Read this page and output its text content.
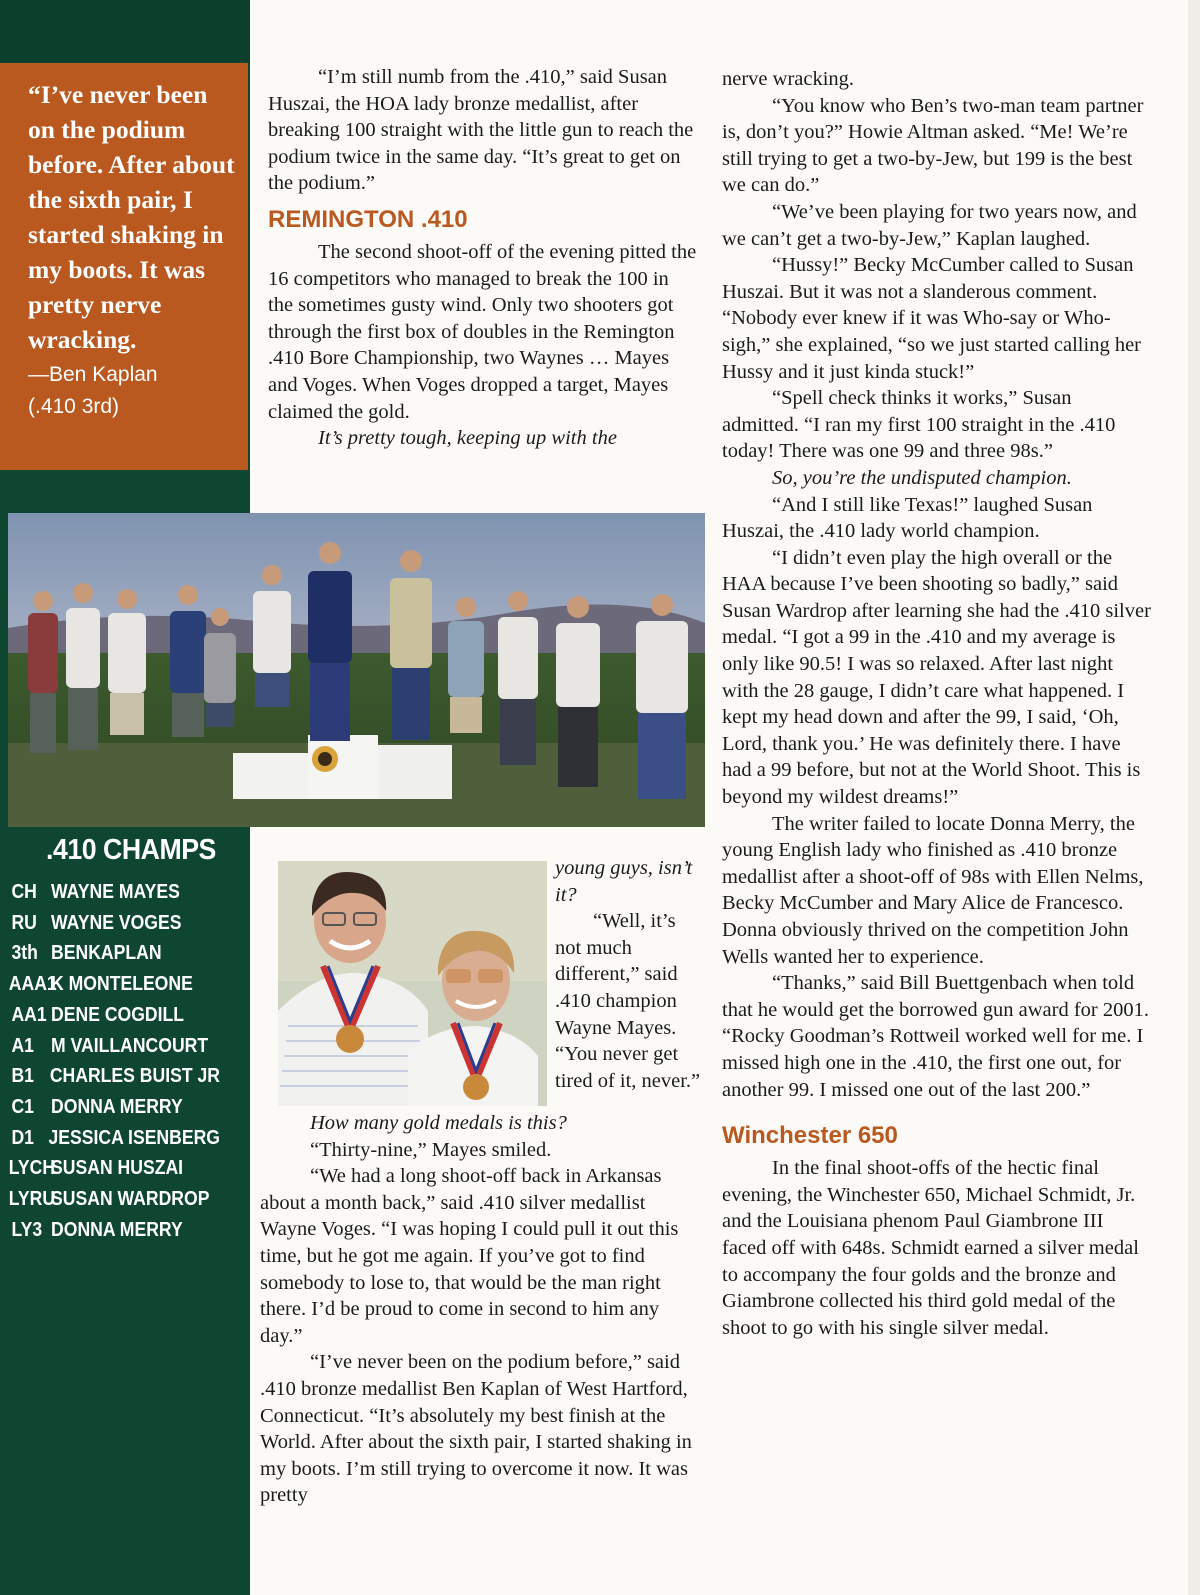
“I’ve never been on the podium before. After about the sixth pair, I started shaking in my boots. It was pretty nerve wracking.

—Ben Kaplan

(.410 3rd)

“I’m still numb from the .410,” said Susan Huszai, the HOA lady bronze medallist, after breaking 100 straight with the little gun to reach the podium twice in the same day. “It’s great to get on the podium.”

REMINGTON .410

The second shoot-off of the evening pitted the 16 competitors who managed to break the 100 in the sometimes gusty wind. Only two shooters got through the first box of doubles in the Remington .410 Bore Championship, two Waynes … Mayes and Voges. When Voges dropped a target, Mayes claimed the gold.

It’s pretty tough, keeping up with the

nerve wracking.

“You know who Ben’s two-man team partner is, don’t you?” Howie Altman asked. “Me! We’re still trying to get a two-by-Jew, but 199 is the best we can do.”

“We’ve been playing for two years now, and we can’t get a two-by-Jew,” Kaplan laughed.

“Hussy!” Becky McCumber called to Susan Huszai. But it was not a slanderous comment. “Nobody ever knew if it was Who-say or Who-sigh,” she explained, “so we just started calling her Hussy and it just kinda stuck!”

“Spell check thinks it works,” Susan admitted. “I ran my first 100 straight in the .410 today! There was one 99 and three 98s.”

So, you’re the undisputed champion.

“And I still like Texas!” laughed Susan Huszai, the .410 lady world champion.

“I didn’t even play the high overall or the HAA because I’ve been shooting so badly,” said Susan Wardrop after learning she had the .410 silver medal. “I got a 99 in the .410 and my average is only like 90.5! I was so relaxed. After last night with the 28 gauge, I didn’t care what happened. I kept my head down and after the 99, I said, ‘Oh, Lord, thank you.’ He was definitely there. I have had a 99 before, but not at the World Shoot. This is beyond my wildest dreams!”

The writer failed to locate Donna Merry, the young English lady who finished as .410 bronze medallist after a shoot-off of 98s with Ellen Nelms, Becky McCumber and Mary Alice de Francesco. Donna obviously thrived on the competition John Wells wanted her to experience.

“Thanks,” said Bill Buettgenbach when told that he would get the borrowed gun award for 2001. “Rocky Goodman’s Rottweil worked well for me. I missed high one in the .410, the first one out, for another 99. I missed one out of the last 200.”

Winchester 650

In the final shoot-offs of the hectic final evening, the Winchester 650, Michael Schmidt, Jr. and the Louisiana phenom Paul Giambrone III faced off with 648s. Schmidt earned a silver medal to accompany the four golds and the bronze and Giambrone collected his third gold medal of the shoot to go with his single silver medal.

young guys, isn’t it?

“Well, it’s not much different,” said .410 champion Wayne Mayes. “You never get tired of it, never.”

How many gold medals is this?

“Thirty-nine,” Mayes smiled.

“We had a long shoot-off back in Arkansas about a month back,” said .410 silver medallist Wayne Voges. “I was hoping I could pull it out this time, but he got me again. If you’ve got to find somebody to lose to, that would be the man right there. I’d be proud to come in second to him any day.”

“I’ve never been on the podium before,” said .410 bronze medallist Ben Kaplan of West Hartford, Connecticut. “It’s absolutely my best finish at the World. After about the sixth pair, I started shaking in my boots. I’m still trying to overcome it now. It was pretty

.410 CHAMPS
CH WAYNE MAYES
RU WAYNE VOGES
3th BENKAPLAN
AAA1
K MONTELEONE
AA1 DENE COGDILL
A1 M VAILLANCOURT
B1 CHARLES BUIST JR
C1 DONNA MERRY
D1 JESSICA ISENBERG
LYCH
SUSAN HUSZAI
LYRU
SUSAN WARDROP
LY3 DONNA MERRY
